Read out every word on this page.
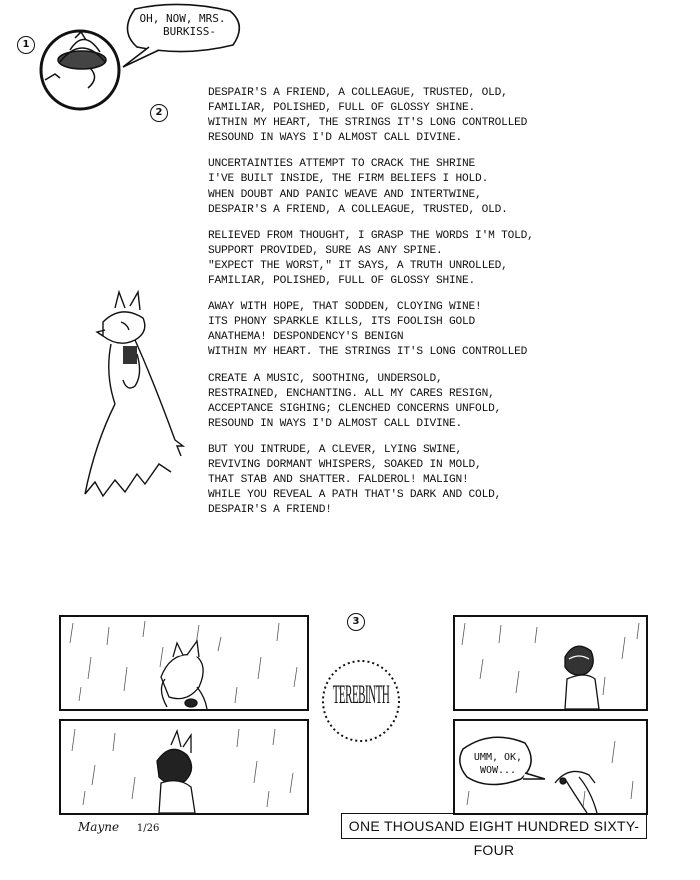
1
OH, NOW, MRS.
BURKISS-
2
DESPAIR'S A FRIEND, A COLLEAGUE, TRUSTED, OLD,
FAMILIAR, POLISHED, FULL OF GLOSSY SHINE.
WITHIN MY HEART, THE STRINGS IT'S LONG CONTROLLED
RESOUND IN WAYS I'D ALMOST CALL DIVINE.
UNCERTAINTIES ATTEMPT TO CRACK THE SHRINE
I'VE BUILT INSIDE, THE FIRM BELIEFS I HOLD.
WHEN DOUBT AND PANIC WEAVE AND INTERTWINE,
DESPAIR'S A FRIEND, A COLLEAGUE, TRUSTED, OLD.
RELIEVED FROM THOUGHT, I GRASP THE WORDS I'M TOLD,
SUPPORT PROVIDED, SURE AS ANY SPINE.
"EXPECT THE WORST," IT SAYS, A TRUTH UNROLLED,
FAMILIAR, POLISHED, FULL OF GLOSSY SHINE.
AWAY WITH HOPE, THAT SODDEN, CLOYING WINE!
ITS PHONY SPARKLE KILLS, ITS FOOLISH GOLD
ANATHEMA! DESPONDENCY'S BENIGN
WITHIN MY HEART. THE STRINGS IT'S LONG CONTROLLED
CREATE A MUSIC, SOOTHING, UNDERSOLD,
RESTRAINED, ENCHANTING. ALL MY CARES RESIGN,
ACCEPTANCE SIGHING; CLENCHED CONCERNS UNFOLD,
RESOUND IN WAYS I'D ALMOST CALL DIVINE.
BUT YOU INTRUDE, A CLEVER, LYING SWINE,
REVIVING DORMANT WHISPERS, SOAKED IN MOLD,
THAT STAB AND SHATTER. FALDEROL! MALIGN!
WHILE YOU REVEAL A PATH THAT'S DARK AND COLD,
DESPAIR'S A FRIEND!
3
TEREBINTH
UMM, OK,
WOW...
ONE THOUSAND EIGHT HUNDRED SIXTY-FOUR
Mayne 1/26
